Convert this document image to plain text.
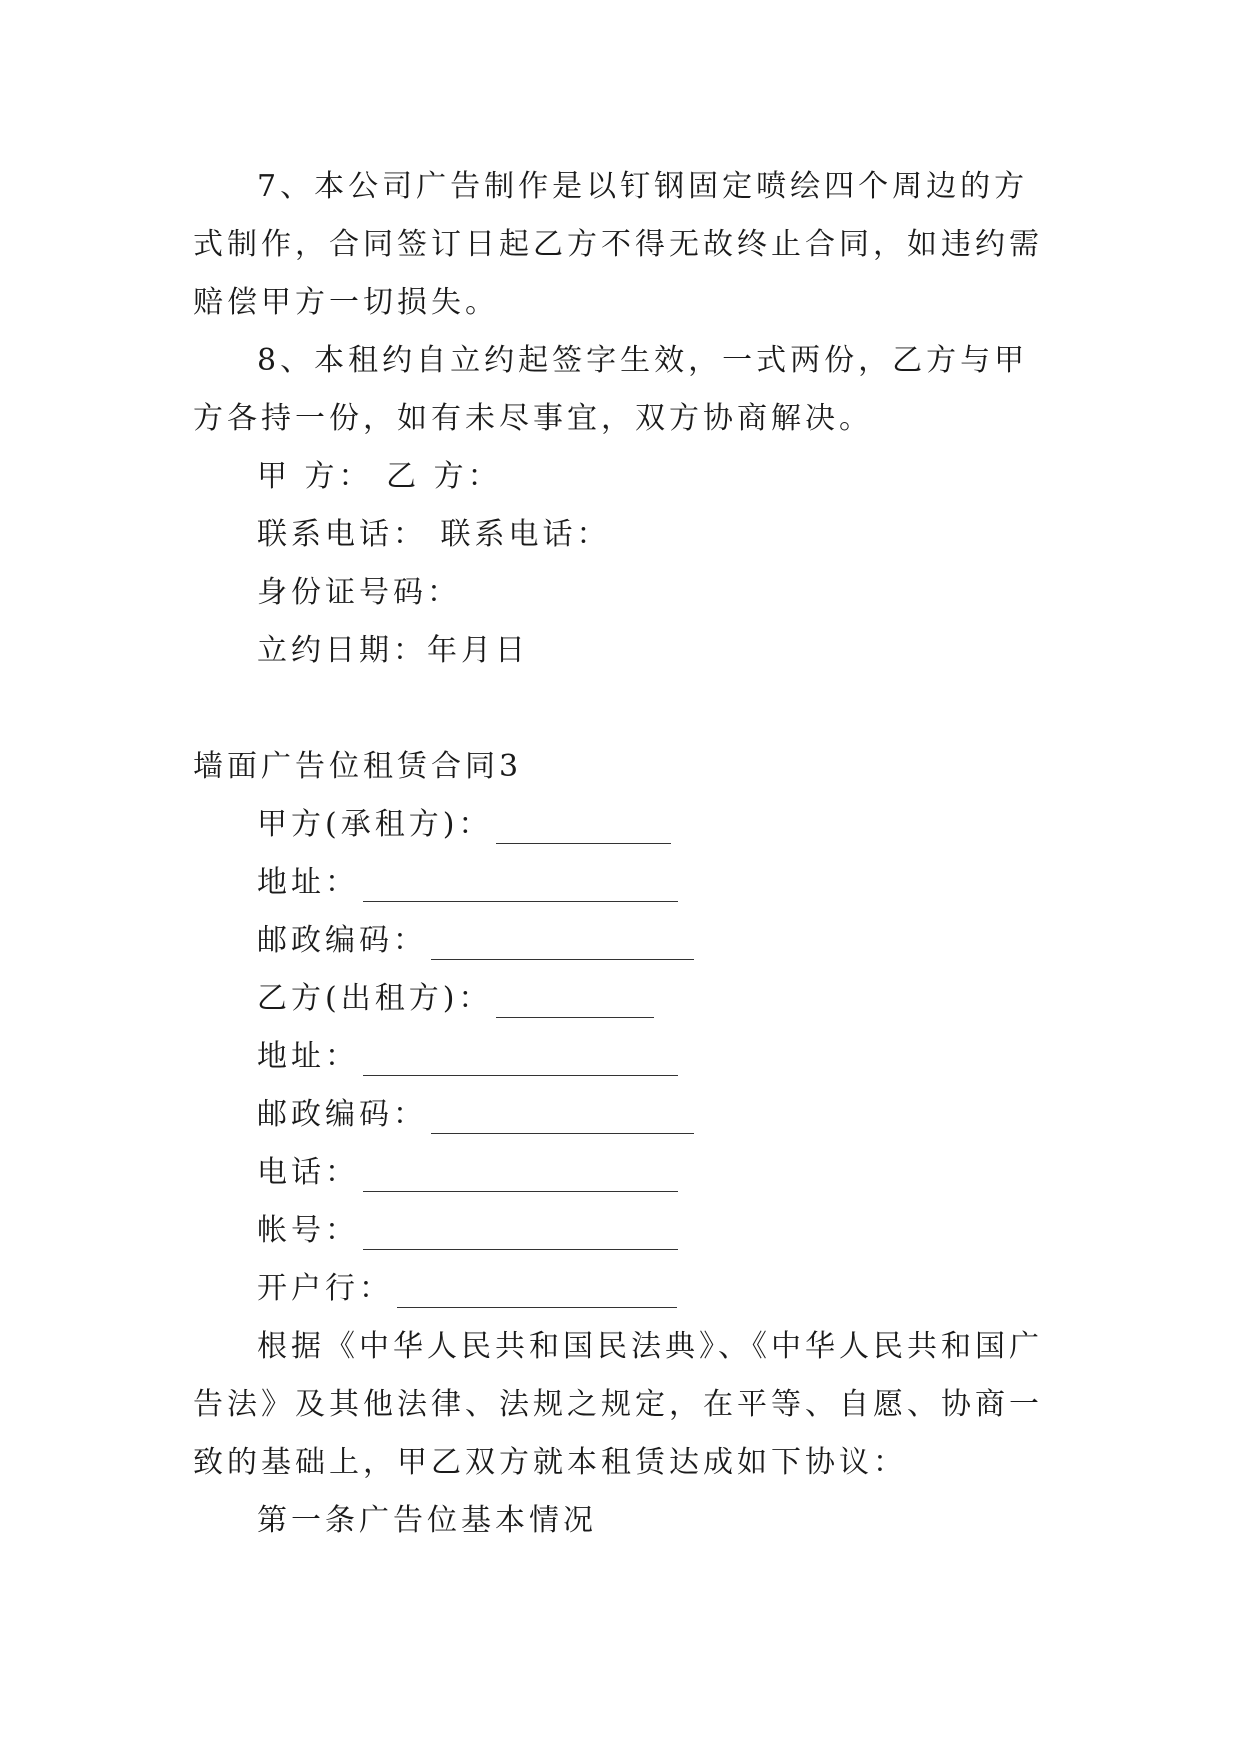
7、本公司广告制作是以钉钢固定喷绘四个周边的方式制作，合同签订日起乙方不得无故终止合同，如违约需赔偿甲方一切损失。

8、本租约自立约起签字生效，一式两份，乙方与甲方各持一份，如有未尽事宜，双方协商解决。

甲 方： 乙 方：

联系电话： 联系电话：

身份证号码：

立约日期：年月日

墙面广告位租赁合同3

甲方(承租方)：

地址：

邮政编码：

乙方(出租方)：

地址：

邮政编码：

电话：

帐号：

开户行：

根据《中华人民共和国民法典》、《中华人民共和国广告法》及其他法律、法规之规定，在平等、自愿、协商一致的基础上，甲乙双方就本租赁达成如下协议：

第一条广告位基本情况
